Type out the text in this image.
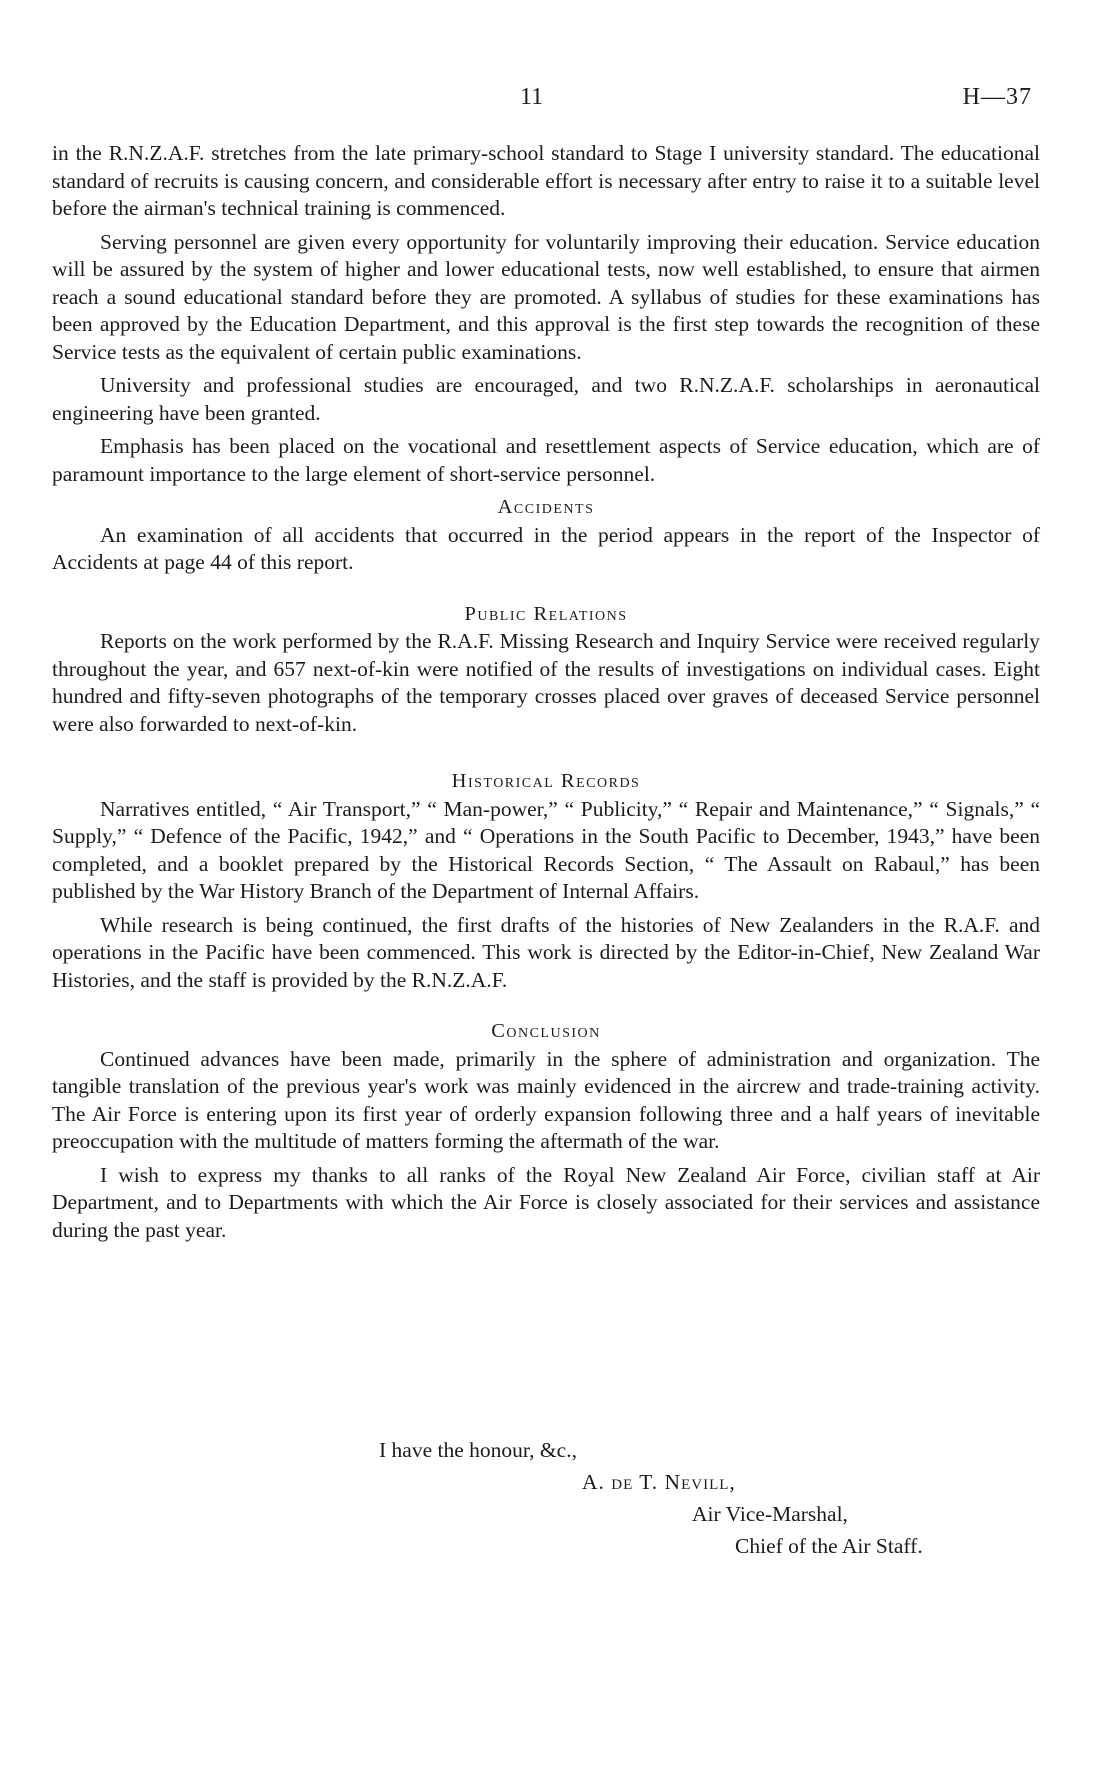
11	H—37

in the R.N.Z.A.F. stretches from the late primary-school standard to Stage I university standard. The educational standard of recruits is causing concern, and considerable effort is necessary after entry to raise it to a suitable level before the airman's technical training is commenced.

Serving personnel are given every opportunity for voluntarily improving their education. Service education will be assured by the system of higher and lower educational tests, now well established, to ensure that airmen reach a sound educational standard before they are promoted. A syllabus of studies for these examinations has been approved by the Education Department, and this approval is the first step towards the recognition of these Service tests as the equivalent of certain public examinations.

University and professional studies are encouraged, and two R.N.Z.A.F. scholarships in aeronautical engineering have been granted.

Emphasis has been placed on the vocational and resettlement aspects of Service education, which are of paramount importance to the large element of short-service personnel.

Accidents

An examination of all accidents that occurred in the period appears in the report of the Inspector of Accidents at page 44 of this report.

Public Relations

Reports on the work performed by the R.A.F. Missing Research and Inquiry Service were received regularly throughout the year, and 657 next-of-kin were notified of the results of investigations on individual cases. Eight hundred and fifty-seven photographs of the temporary crosses placed over graves of deceased Service personnel were also forwarded to next-of-kin.

Historical Records

Narratives entitled, “ Air Transport,” “ Man-power,” “ Publicity,” “ Repair and Maintenance,” “ Signals,” “ Supply,” “ Defence of the Pacific, 1942,” and “ Operations in the South Pacific to December, 1943,” have been completed, and a booklet prepared by the Historical Records Section, “ The Assault on Rabaul,” has been published by the War History Branch of the Department of Internal Affairs.

While research is being continued, the first drafts of the histories of New Zealanders in the R.A.F. and operations in the Pacific have been commenced. This work is directed by the Editor-in-Chief, New Zealand War Histories, and the staff is provided by the R.N.Z.A.F.

Conclusion

Continued advances have been made, primarily in the sphere of administration and organization. The tangible translation of the previous year's work was mainly evidenced in the aircrew and trade-training activity. The Air Force is entering upon its first year of orderly expansion following three and a half years of inevitable preoccupation with the multitude of matters forming the aftermath of the war.

I wish to express my thanks to all ranks of the Royal New Zealand Air Force, civilian staff at Air Department, and to Departments with which the Air Force is closely associated for their services and assistance during the past year.

I have the honour, &c.,
A. de T. Nevill,
Air Vice-Marshal,
Chief of the Air Staff.
